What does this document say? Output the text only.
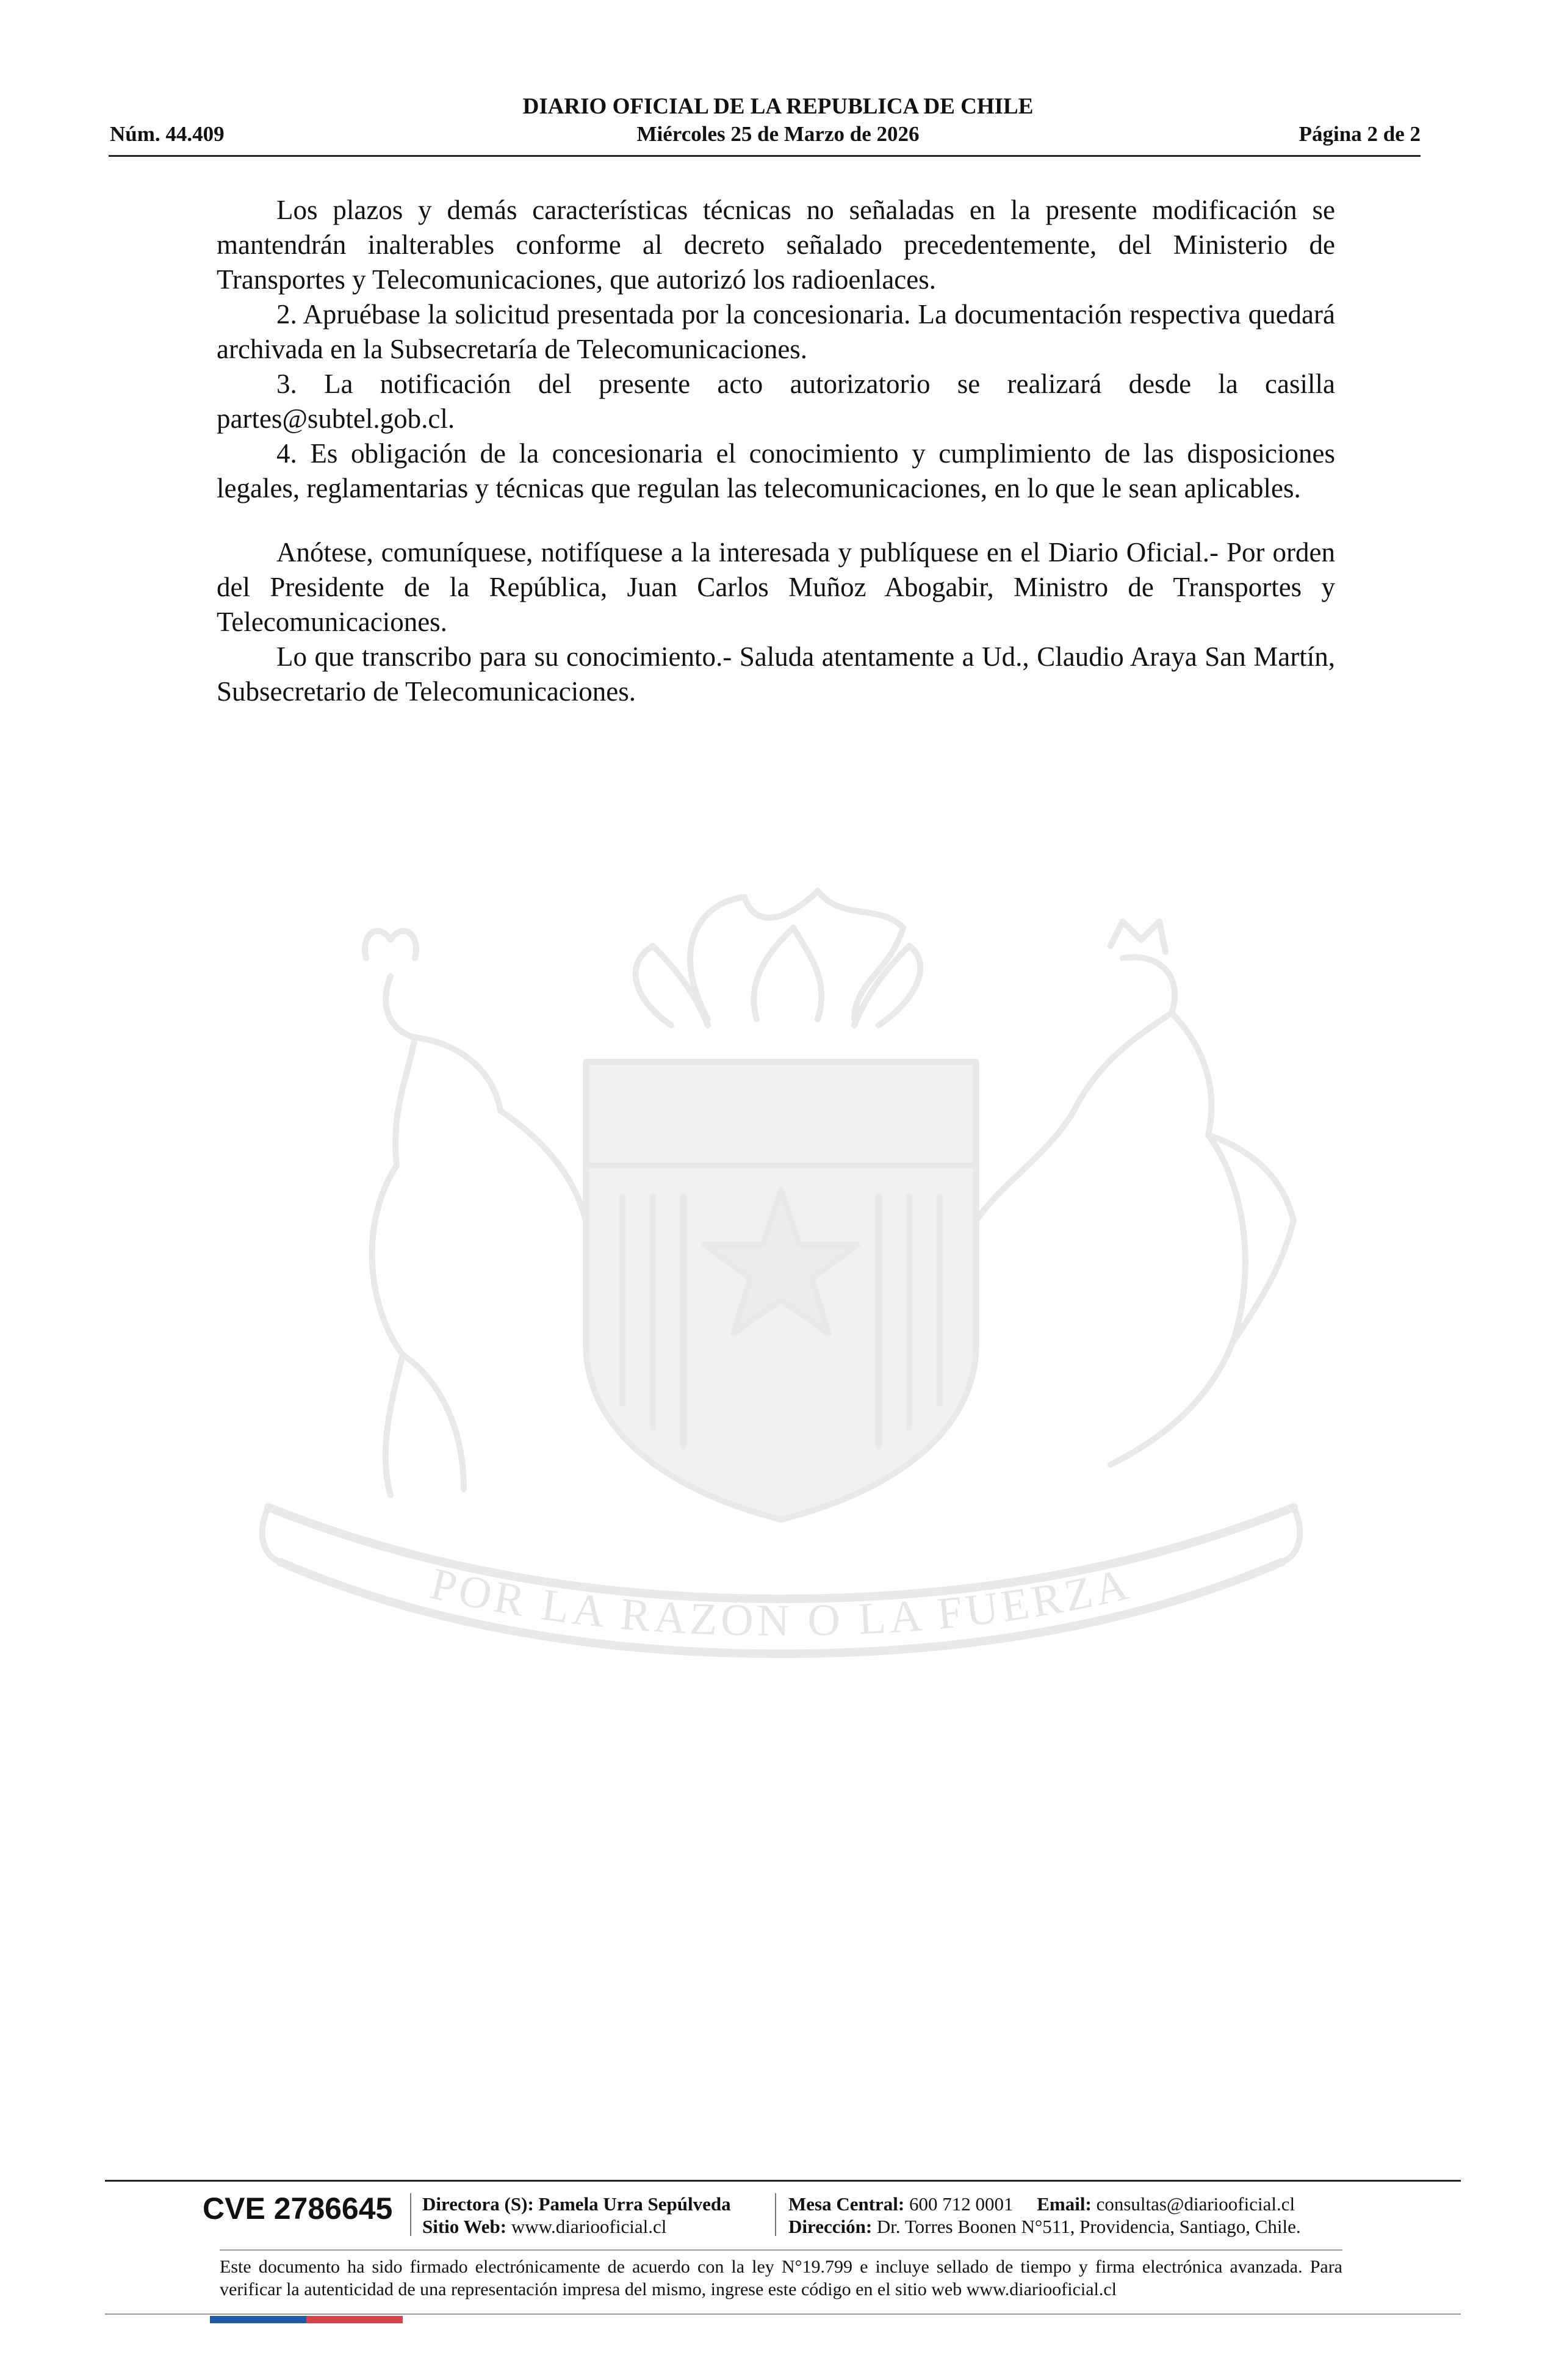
DIARIO OFICIAL DE LA REPUBLICA DE CHILE
Núm. 44.409	Miércoles 25 de Marzo de 2026	Página 2 de 2
POR LA RAZÓN O LA FUERZA

Los plazos y demás características técnicas no señaladas en la presente modificación se mantendrán inalterables conforme al decreto señalado precedentemente, del Ministerio de Transportes y Telecomunicaciones, que autorizó los radioenlaces.

2. Apruébase la solicitud presentada por la concesionaria. La documentación respectiva quedará archivada en la Subsecretaría de Telecomunicaciones.

3. La notificación del presente acto autorizatorio se realizará desde la casilla partes@subtel.gob.cl.

4. Es obligación de la concesionaria el conocimiento y cumplimiento de las disposiciones legales, reglamentarias y técnicas que regulan las telecomunicaciones, en lo que le sean aplicables.

Anótese, comuníquese, notifíquese a la interesada y publíquese en el Diario Oficial.- Por orden del Presidente de la República, Juan Carlos Muñoz Abogabir, Ministro de Transportes y Telecomunicaciones.

Lo que transcribo para su conocimiento.- Saluda atentamente a Ud., Claudio Araya San Martín, Subsecretario de Telecomunicaciones.

CVE 2786645 Directora (S): Pamela Urra Sepúlveda
Sitio Web: www.diariooficial.cl
Mesa Central: 600 712 0001 Email: consultas@diariooficial.cl
Dirección: Dr. Torres Boonen N°511, Providencia, Santiago, Chile.
Este documento ha sido firmado electrónicamente de acuerdo con la ley N°19.799 e incluye sellado de tiempo y firma electrónica avanzada. Para verificar la autenticidad de una representación impresa del mismo, ingrese este código en el sitio web www.diariooficial.cl
